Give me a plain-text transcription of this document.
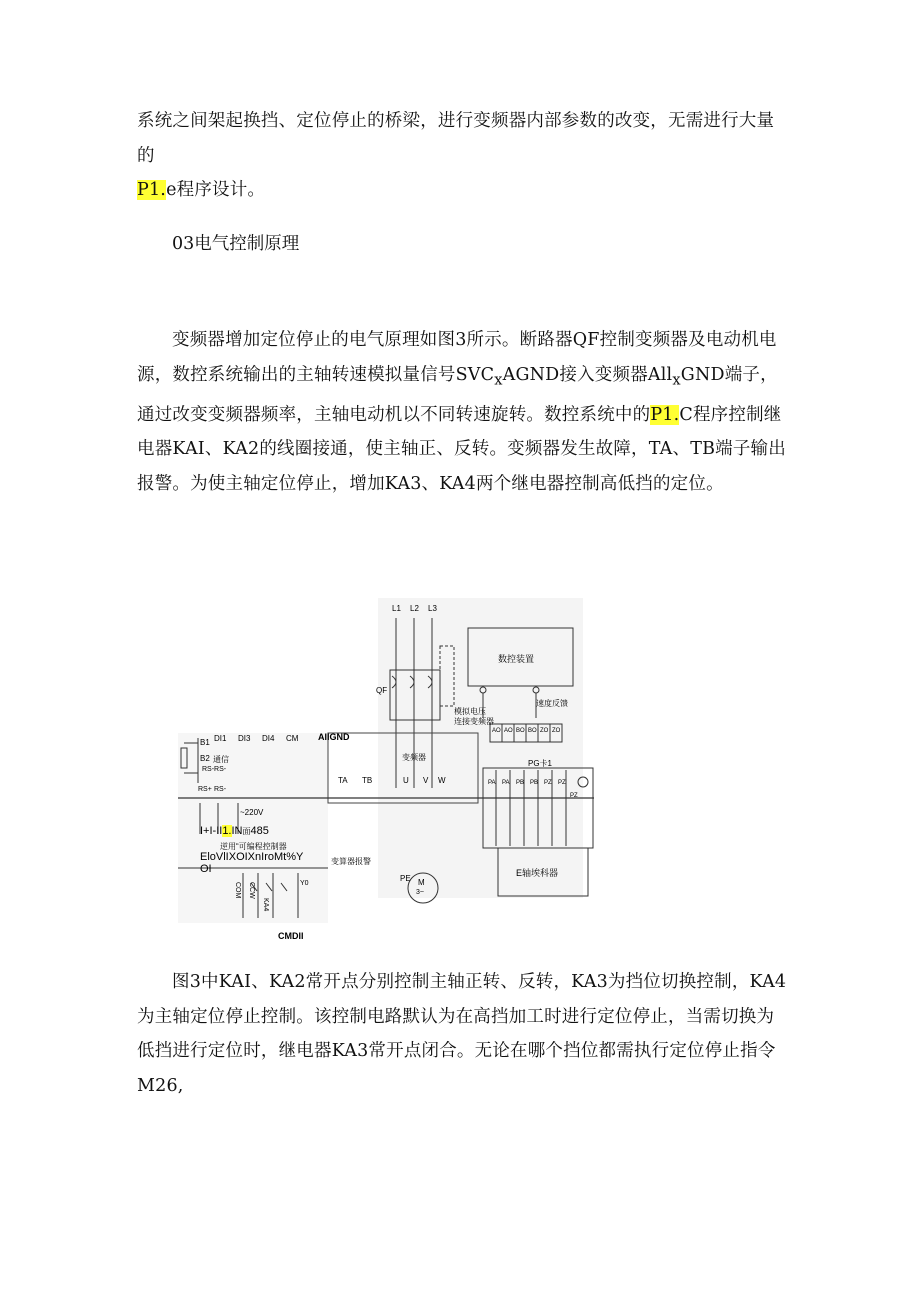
系统之间架起换挡、定位停止的桥梁，进行变频器内部参数的改变，无需进行大量的
P1.e程序设计。

03电气控制原理

变频器增加定位停止的电气原理如图3所示。断路器QF控制变频器及电动机电源，数控系统输出的主轴转速模拟量信号$SVC_xAGND$接入变频器All$_x$GND端子，通过改变变频器频率，主轴电动机以不同转速旋转。数控系统中的P1.C程序控制继电器KAI、KA2的线圈接通，使主轴正、反转。变频器发生故障，TA、TB端子输出报警。为使主轴定位停止，增加KA3、KA4两个继电器控制高低挡的定位。

L1 L2 L3
QF
数控装置
模拟电压
连接变频器
速度反馈
AIIGND
变频器
PG卡1
DI1 DI3 DI4 CM
B1
B2 通信
RS-RS-
RS+ RS-
TA TB	U V W
~220V
I+I-II1.IN面485
逆用“可编程控制器
EloVlIXOIXnIroMt%Y
OI
变算器报警
PE M
3~
E轴埃科器
COM CCW
KA4
Y0
PA PA PB PB PZ PZ
PZ
AO AO BO BO ZO ZO
CMDII

图3中KAI、KA2常开点分别控制主轴正转、反转，KA3为挡位切换控制，KA4为主轴定位停止控制。该控制电路默认为在高挡加工时进行定位停止，当需切换为低挡进行定位时，继电器KA3常开点闭合。无论在哪个挡位都需执行定位停止指令M26,
